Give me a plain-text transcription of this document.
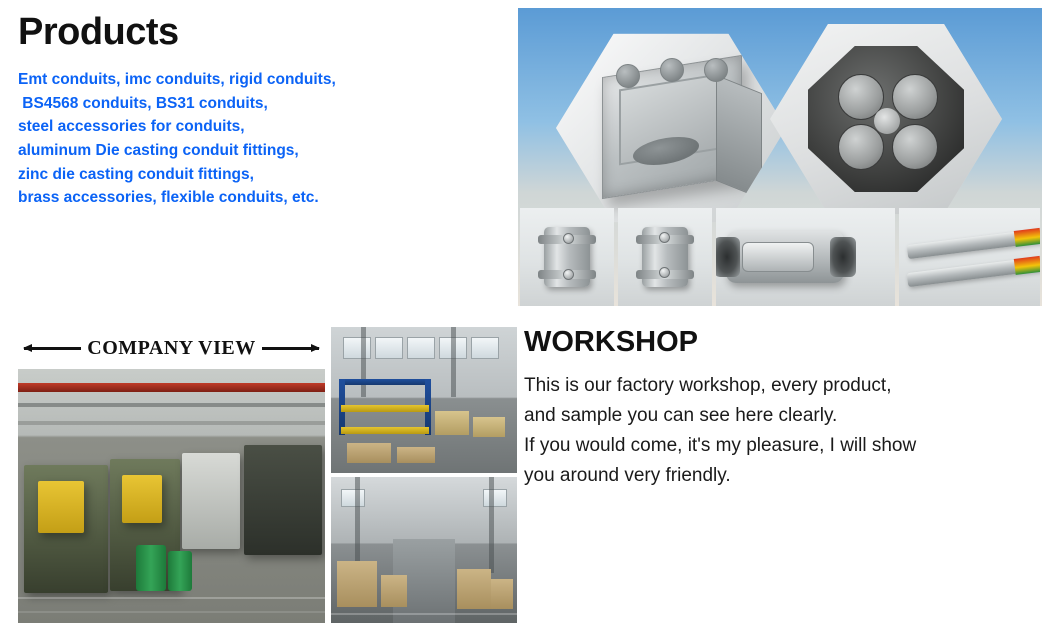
Products
Emt conduits, imc conduits, rigid conduits,
BS4568 conduits, BS31 conduits,
steel accessories for conduits,
aluminum Die casting conduit fittings,
zinc die casting conduit fittings,
brass accessories, flexible conduits, etc.
COMPANY VIEW	WORKSHOP
This is our factory workshop, every product,
and sample you can see here clearly.
If you would come, it's my pleasure, I will show
you around very friendly.
